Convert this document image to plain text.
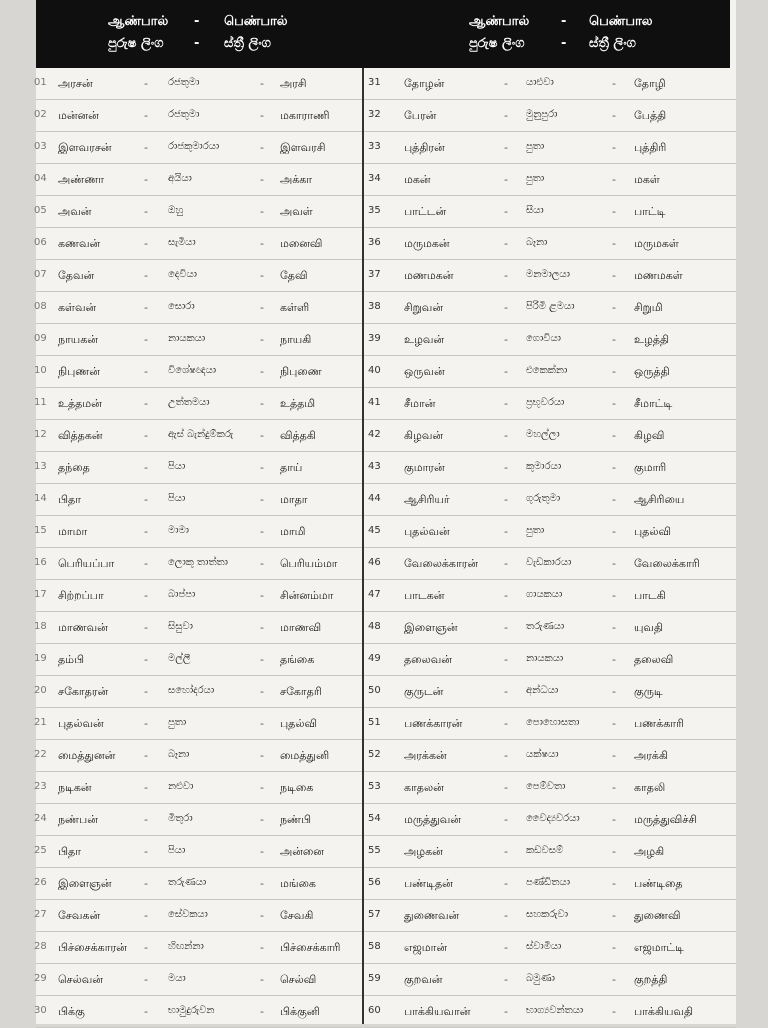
ஆண்பால் - பெண்பால்
පුරුෂ ලිංග - ස්ත්‍රී ලිංග
ஆண்பால் - பெண்பால
පුරුෂ ලිංග	- ස්ත්‍රී ලිංග
01 அரசன்	- රජතුමා	- அரசி
02 மன்னன்	- රජතුමා	- மகாராணி
03 இளவரசன்	- රාජකුමාරයා	- இளவரசி
04 அண்ணா	- අයියා	- அக்கா
05 அவன்	- ඔහු	- அவள்
06 கணவன்	- සැමියා	- மனைவி
07 தேவன்	- දෙවියා	- தேவி
08 கள்வன்	- සොරා	- கள்ளி
09 நாயகன்	- නායකයා	- நாயகி
10 நிபுணன்	- විශේෂඥයා	- நிபுணை
11 உத்தமன்	- උත්තමයා	- உத்தமி
12 வித்தகன்	- ඇස් බැන්දුම්කරු - வித்தகி
13 தந்தை	- පියා	- தாய்
14 பிதா	- පියා	- மாதா
15 மாமா	- මාමා	- மாமி
16 பெரியப்பா	- ලොකු තාත්තා	- பெரியம்மா
17 சிற்றப்பா	- බාප්පා	- சின்னம்மா
18 மாணவன்	- සිසුවා	- மாணவி
19 தம்பி	- මල්ලී	- தங்கை
20 சகோதரன்	- සහෝදරයා	- சகோதரி
21 புதல்வன்	- පුතා	- புதல்வி
22 மைத்துனன்	- බෑනා	- மைத்துனி
23 நடிகன்	- නළුවා	- நடிகை
24 நண்பன்	- මිතුරා	- நண்பி
25 பிதா	- පියා	- அன்னை
26 இளைஞன்	- තරුණයා	- மங்கை
27 சேவகன்	- සේවකයා	- சேவகி
28 பிச்சைக்காரன் - හිඟන්නා	- பிச்சைக்காரி
29 செல்வன்	- මයා	- செல்வி
30 பிக்கு	- භාමුදුරුවන	- பிக்குனி
31 தோழன்	- යාළුවා	- தோழி
32 பேரன்	- මුනුපුරා	- பேத்தி
33 புத்திரன்	- පුතා	- புத்திரி
34 மகன்	- පුතා	- மகள்
35 பாட்டன்	- සීයා	- பாட்டி
36 மருமகன்	- බෑනා	- மருமகள்
37 மணமகன்	- මනමාලයා	- மணமகள்
38 சிறுவன்	- පිරිමි ළමයා	- சிறுமி
39 உழவன்	- ගොවියා	- உழத்தி
40 ஒருவன்	- එකෙක්නා	- ஒருத்தி
41 சீமான்	- ප්‍රභුවරයා	- சீமாட்டி
42 கிழவன்	- මහල්ලා	- கிழவி
43 குமாரன்	- කුමාරයා	- குமாரி
44 ஆசிரியர்	- ගුරුතුමා	- ஆசிரியை
45 புதல்வன்	- පුතා	- புதல்வி
46 வேலைக்காரன் - වැඩකාරයා	- வேலைக்காரி
47 பாடகன்	- ගායකයා	- பாடகி
48 இளைஞன்	- තරුණයා	- யுவதி
49 தலைவன்	- නායකයා	- தலைவி
50 குருடன்	- අන්ධයා	- குருடி
51 பணக்காரன்	- පොහොසතා	- பணக்காரி
52 அரக்கன்	- යක්ෂයා	- அரக்கி
53 காதலன்	- පෙම්වතා	- காதலி
54 மருத்துவன்	- වෛද්‍යවරයා	- மருத்துவிச்சி
55 அழகன்	- කඩවසම්	- அழகி
56 பண்டிதன்	- පණ්ඩිතයා	- பண்டிதை
57 துணைவன்	- සහකරුවා	- துணைவி
58 எஜமான்	- ස්වාමියා	- எஜமாட்டி
59 குறவன்	- බමුණා	- குறத்தி
60 பாக்கியவான்	- භාග්‍යවන්තයා	- பாக்கியவதி
